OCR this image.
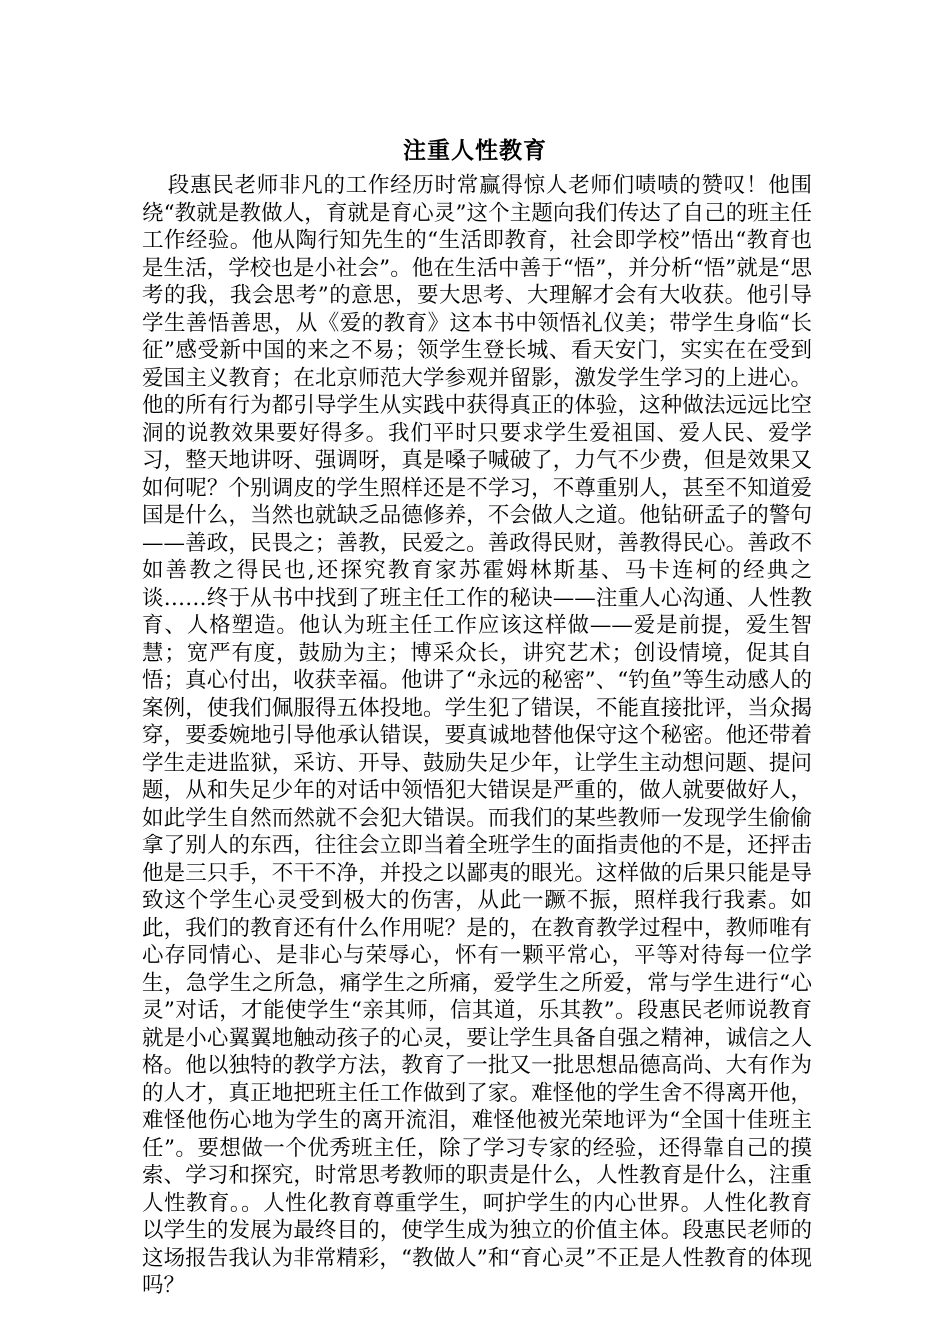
注重人性教育

段惠民老师非凡的工作经历时常赢得惊人老师们啧啧的赞叹！他围绕“教就是教做人，育就是育心灵”这个主题向我们传达了自己的班主任工作经验。他从陶行知先生的“生活即教育，社会即学校”悟出“教育也是生活，学校也是小社会”。他在生活中善于“悟”，并分析“悟”就是“思考的我，我会思考”的意思，要大思考、大理解才会有大收获。他引导学生善悟善思，从《爱的教育》这本书中领悟礼仪美；带学生身临“长征”感受新中国的来之不易；领学生登长城、看天安门，实实在在受到爱国主义教育；在北京师范大学参观并留影，激发学生学习的上进心。他的所有行为都引导学生从实践中获得真正的体验，这种做法远远比空洞的说教效果要好得多。我们平时只要求学生爱祖国、爱人民、爱学习，整天地讲呀、强调呀，真是嗓子喊破了，力气不少费，但是效果又如何呢？个别调皮的学生照样还是不学习，不尊重别人，甚至不知道爱国是什么，当然也就缺乏品德修养，不会做人之道。他钻研孟子的警句——善政，民畏之；善教，民爱之。善政得民财，善教得民心。善政不如善教之得民也,还探究教育家苏霍姆林斯基、马卡连柯的经典之谈……终于从书中找到了班主任工作的秘诀——注重人心沟通、人性教育、人格塑造。他认为班主任工作应该这样做——爱是前提，爱生智慧；宽严有度，鼓励为主；博采众长，讲究艺术；创设情境，促其自悟；真心付出，收获幸福。他讲了“永远的秘密”、“钓鱼”等生动感人的案例，使我们佩服得五体投地。学生犯了错误，不能直接批评，当众揭穿，要委婉地引导他承认错误，要真诚地替他保守这个秘密。他还带着学生走进监狱，采访、开导、鼓励失足少年，让学生主动想问题、提问题，从和失足少年的对话中领悟犯大错误是严重的，做人就要做好人，如此学生自然而然就不会犯大错误。而我们的某些教师一发现学生偷偷拿了别人的东西，往往会立即当着全班学生的面指责他的不是，还抨击他是三只手，不干不净，并投之以鄙夷的眼光。这样做的后果只能是导致这个学生心灵受到极大的伤害，从此一蹶不振，照样我行我素。如此，我们的教育还有什么作用呢？是的，在教育教学过程中，教师唯有心存同情心、是非心与荣辱心，怀有一颗平常心，平等对待每一位学生，急学生之所急，痛学生之所痛，爱学生之所爱，常与学生进行“心灵”对话，才能使学生“亲其师，信其道，乐其教”。段惠民老师说教育就是小心翼翼地触动孩子的心灵，要让学生具备自强之精神，诚信之人格。他以独特的教学方法，教育了一批又一批思想品德高尚、大有作为的人才，真正地把班主任工作做到了家。难怪他的学生舍不得离开他，难怪他伤心地为学生的离开流泪，难怪他被光荣地评为“全国十佳班主任”。要想做一个优秀班主任，除了学习专家的经验，还得靠自己的摸索、学习和探究，时常思考教师的职责是什么，人性教育是什么，注重人性教育。。人性化教育尊重学生，呵护学生的内心世界。人性化教育以学生的发展为最终目的，使学生成为独立的价值主体。段惠民老师的这场报告我认为非常精彩，“教做人”和“育心灵”不正是人性教育的体现吗？
